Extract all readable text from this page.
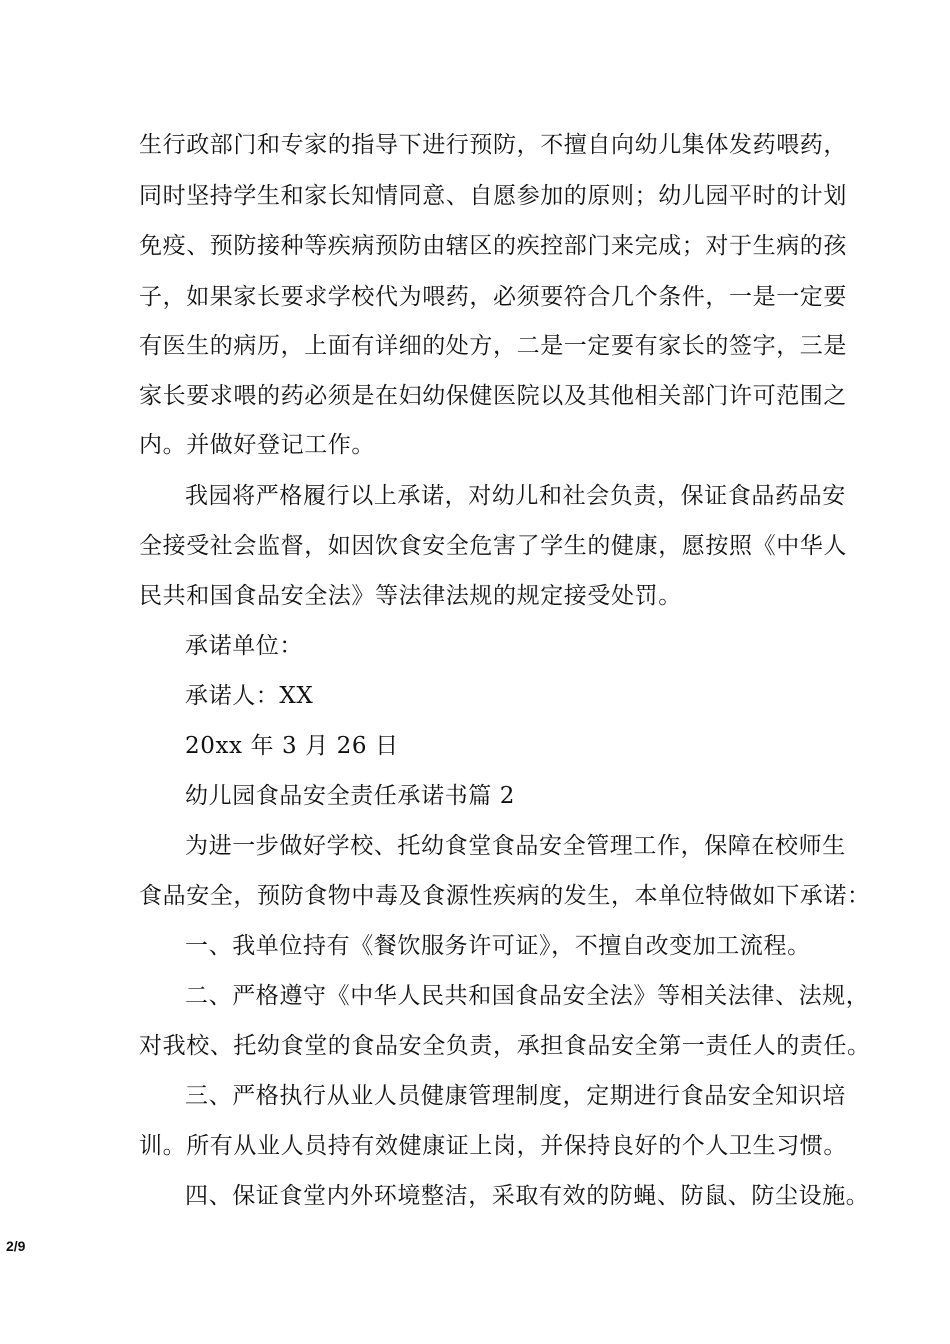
生行政部门和专家的指导下进行预防，不擅自向幼儿集体发药喂药，
同时坚持学生和家长知情同意、自愿参加的原则；幼儿园平时的计划
免疫、预防接种等疾病预防由辖区的疾控部门来完成；对于生病的孩
子，如果家长要求学校代为喂药，必须要符合几个条件，一是一定要
有医生的病历，上面有详细的处方，二是一定要有家长的签字，三是
家长要求喂的药必须是在妇幼保健医院以及其他相关部门许可范围之
内。并做好登记工作。
我园将严格履行以上承诺，对幼儿和社会负责，保证食品药品安
全接受社会监督，如因饮食安全危害了学生的健康，愿按照《中华人
民共和国食品安全法》等法律法规的规定接受处罚。
承诺单位：
承诺人：XX
20xx 年 3 月 26 日
幼儿园食品安全责任承诺书篇 2
为进一步做好学校、托幼食堂食品安全管理工作，保障在校师生
食品安全，预防食物中毒及食源性疾病的发生，本单位特做如下承诺：
一、我单位持有《餐饮服务许可证》，不擅自改变加工流程。
二、严格遵守《中华人民共和国食品安全法》等相关法律、法规，
对我校、托幼食堂的食品安全负责，承担食品安全第一责任人的责任。
三、严格执行从业人员健康管理制度，定期进行食品安全知识培
训。所有从业人员持有效健康证上岗，并保持良好的个人卫生习惯。
四、保证食堂内外环境整洁，采取有效的防蝇、防鼠、防尘设施。
2/9
